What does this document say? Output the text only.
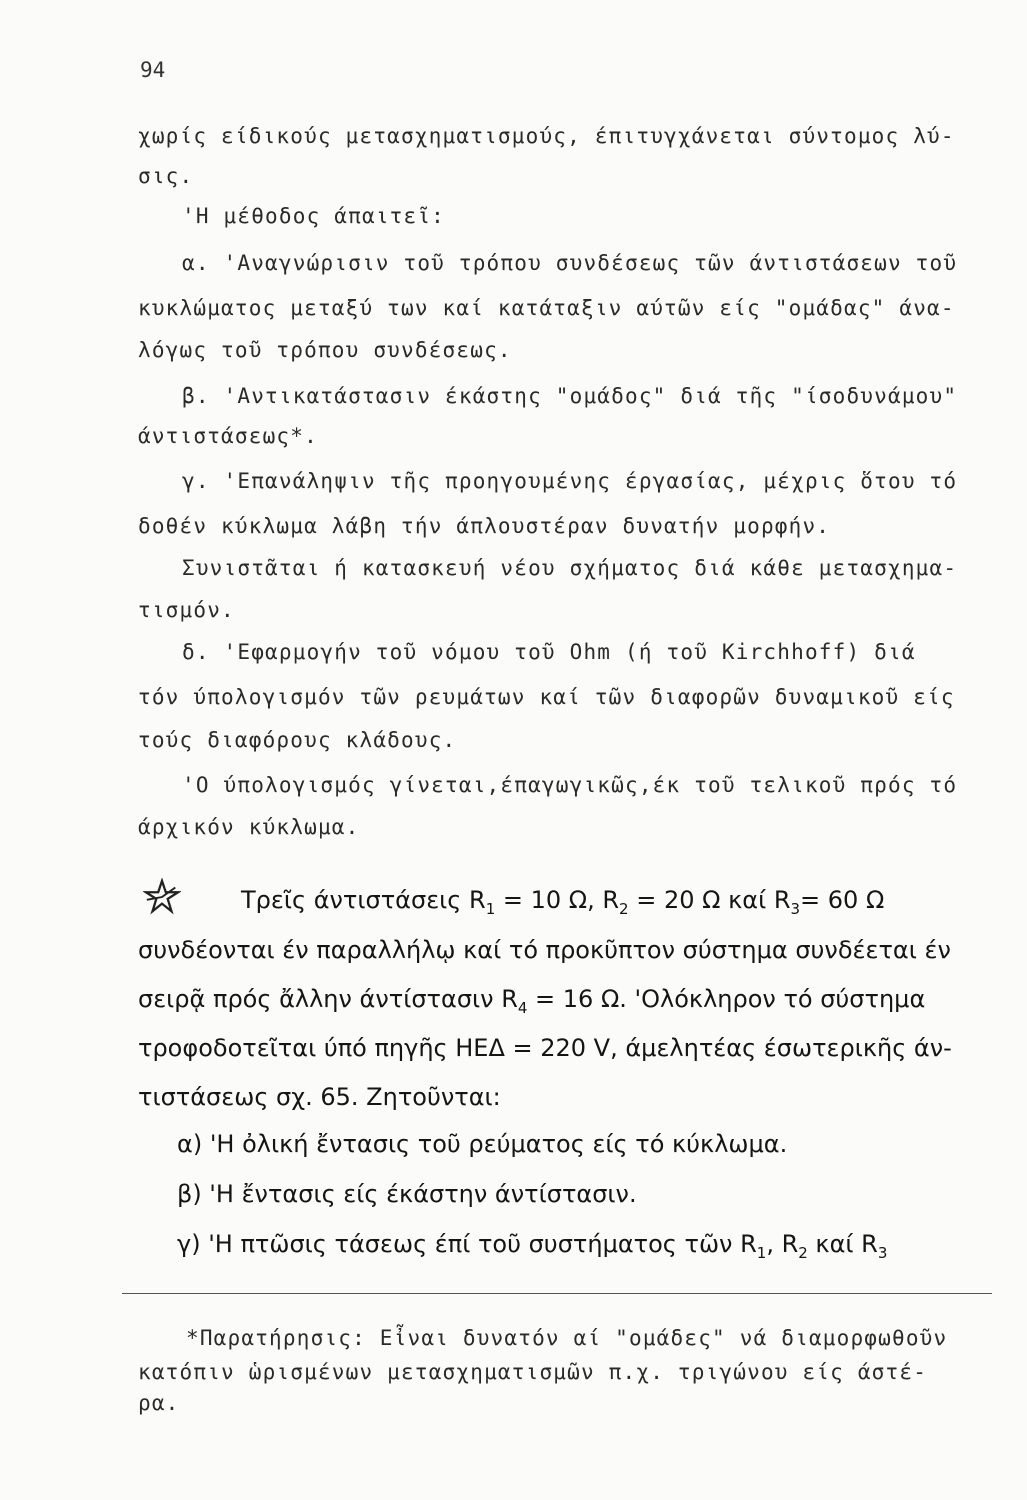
94
χωρίς είδικούς μετασχηματισμούς, έπιτυγχάνεται σύντομος λύ-
σις.
'Η μέθοδος άπαιτεῖ:
α. 'Αναγνώρισιν τοῦ τρόπου συνδέσεως τῶν άντιστάσεων τοῦ
κυκλώματος μεταξύ των καί κατάταξιν αύτῶν είς "ομάδας" άνα-
λόγως τοῦ τρόπου συνδέσεως.
β. 'Αντικατάστασιν έκάστης "ομάδος" διά τῆς "ίσοδυνάμου"
άντιστάσεως*.
γ. 'Επανάληψιν τῆς προηγουμένης έργασίας, μέχρις ὅτου τό
δοθέν κύκλωμα λάβη τήν άπλουστέραν δυνατήν μορφήν.
Συνιστᾶται ή κατασκευή νέου σχήματος διά κάθε μετασχημα-
τισμόν.
δ. 'Εφαρμογήν τοῦ νόμου τοῦ Ohm (ή τοῦ Kirchhoff) διά
τόν ύπολογισμόν τῶν ρευμάτων καί τῶν διαφορῶν δυναμικοῦ είς
τούς διαφόρους κλάδους.
'Ο ύπολογισμός γίνεται,έπαγωγικῶς,έκ τοῦ τελικοῦ πρός τό
άρχικόν κύκλωμα.
Τρεῖς άντιστάσεις $R_1 = 10$ Ω, $R_2 = 20$ Ω καί $R_3= 60$ Ω
συνδέονται έν παραλλήλῳ καί τό προκῦπτον σύστημα συνδέεται έν
σειρᾷ πρός ἄλλην άντίστασιν $R_4 = 16$ Ω. 'Ολόκληρον τό σύστημα
τροφοδοτεῖται ύπό πηγῆς ΗΕΔ = 220 V, άμελητέας έσωτερικῆς άν-
τιστάσεως σχ. 65. Ζητοῦνται:
α) 'Η ὀλική ἔντασις τοῦ ρεύματος είς τό κύκλωμα.
β) 'Η ἔντασις είς έκάστην άντίστασιν.
γ) 'Η πτῶσις τάσεως έπί τοῦ συστήματος τῶν $R_1$, $R_2$ καί $R_3$
*Παρατήρησις: Εἶναι δυνατόν αί "ομάδες" νά διαμορφωθοῦν
κατόπιν ὡρισμένων μετασχηματισμῶν π.χ. τριγώνου είς άστέ-
ρα.
